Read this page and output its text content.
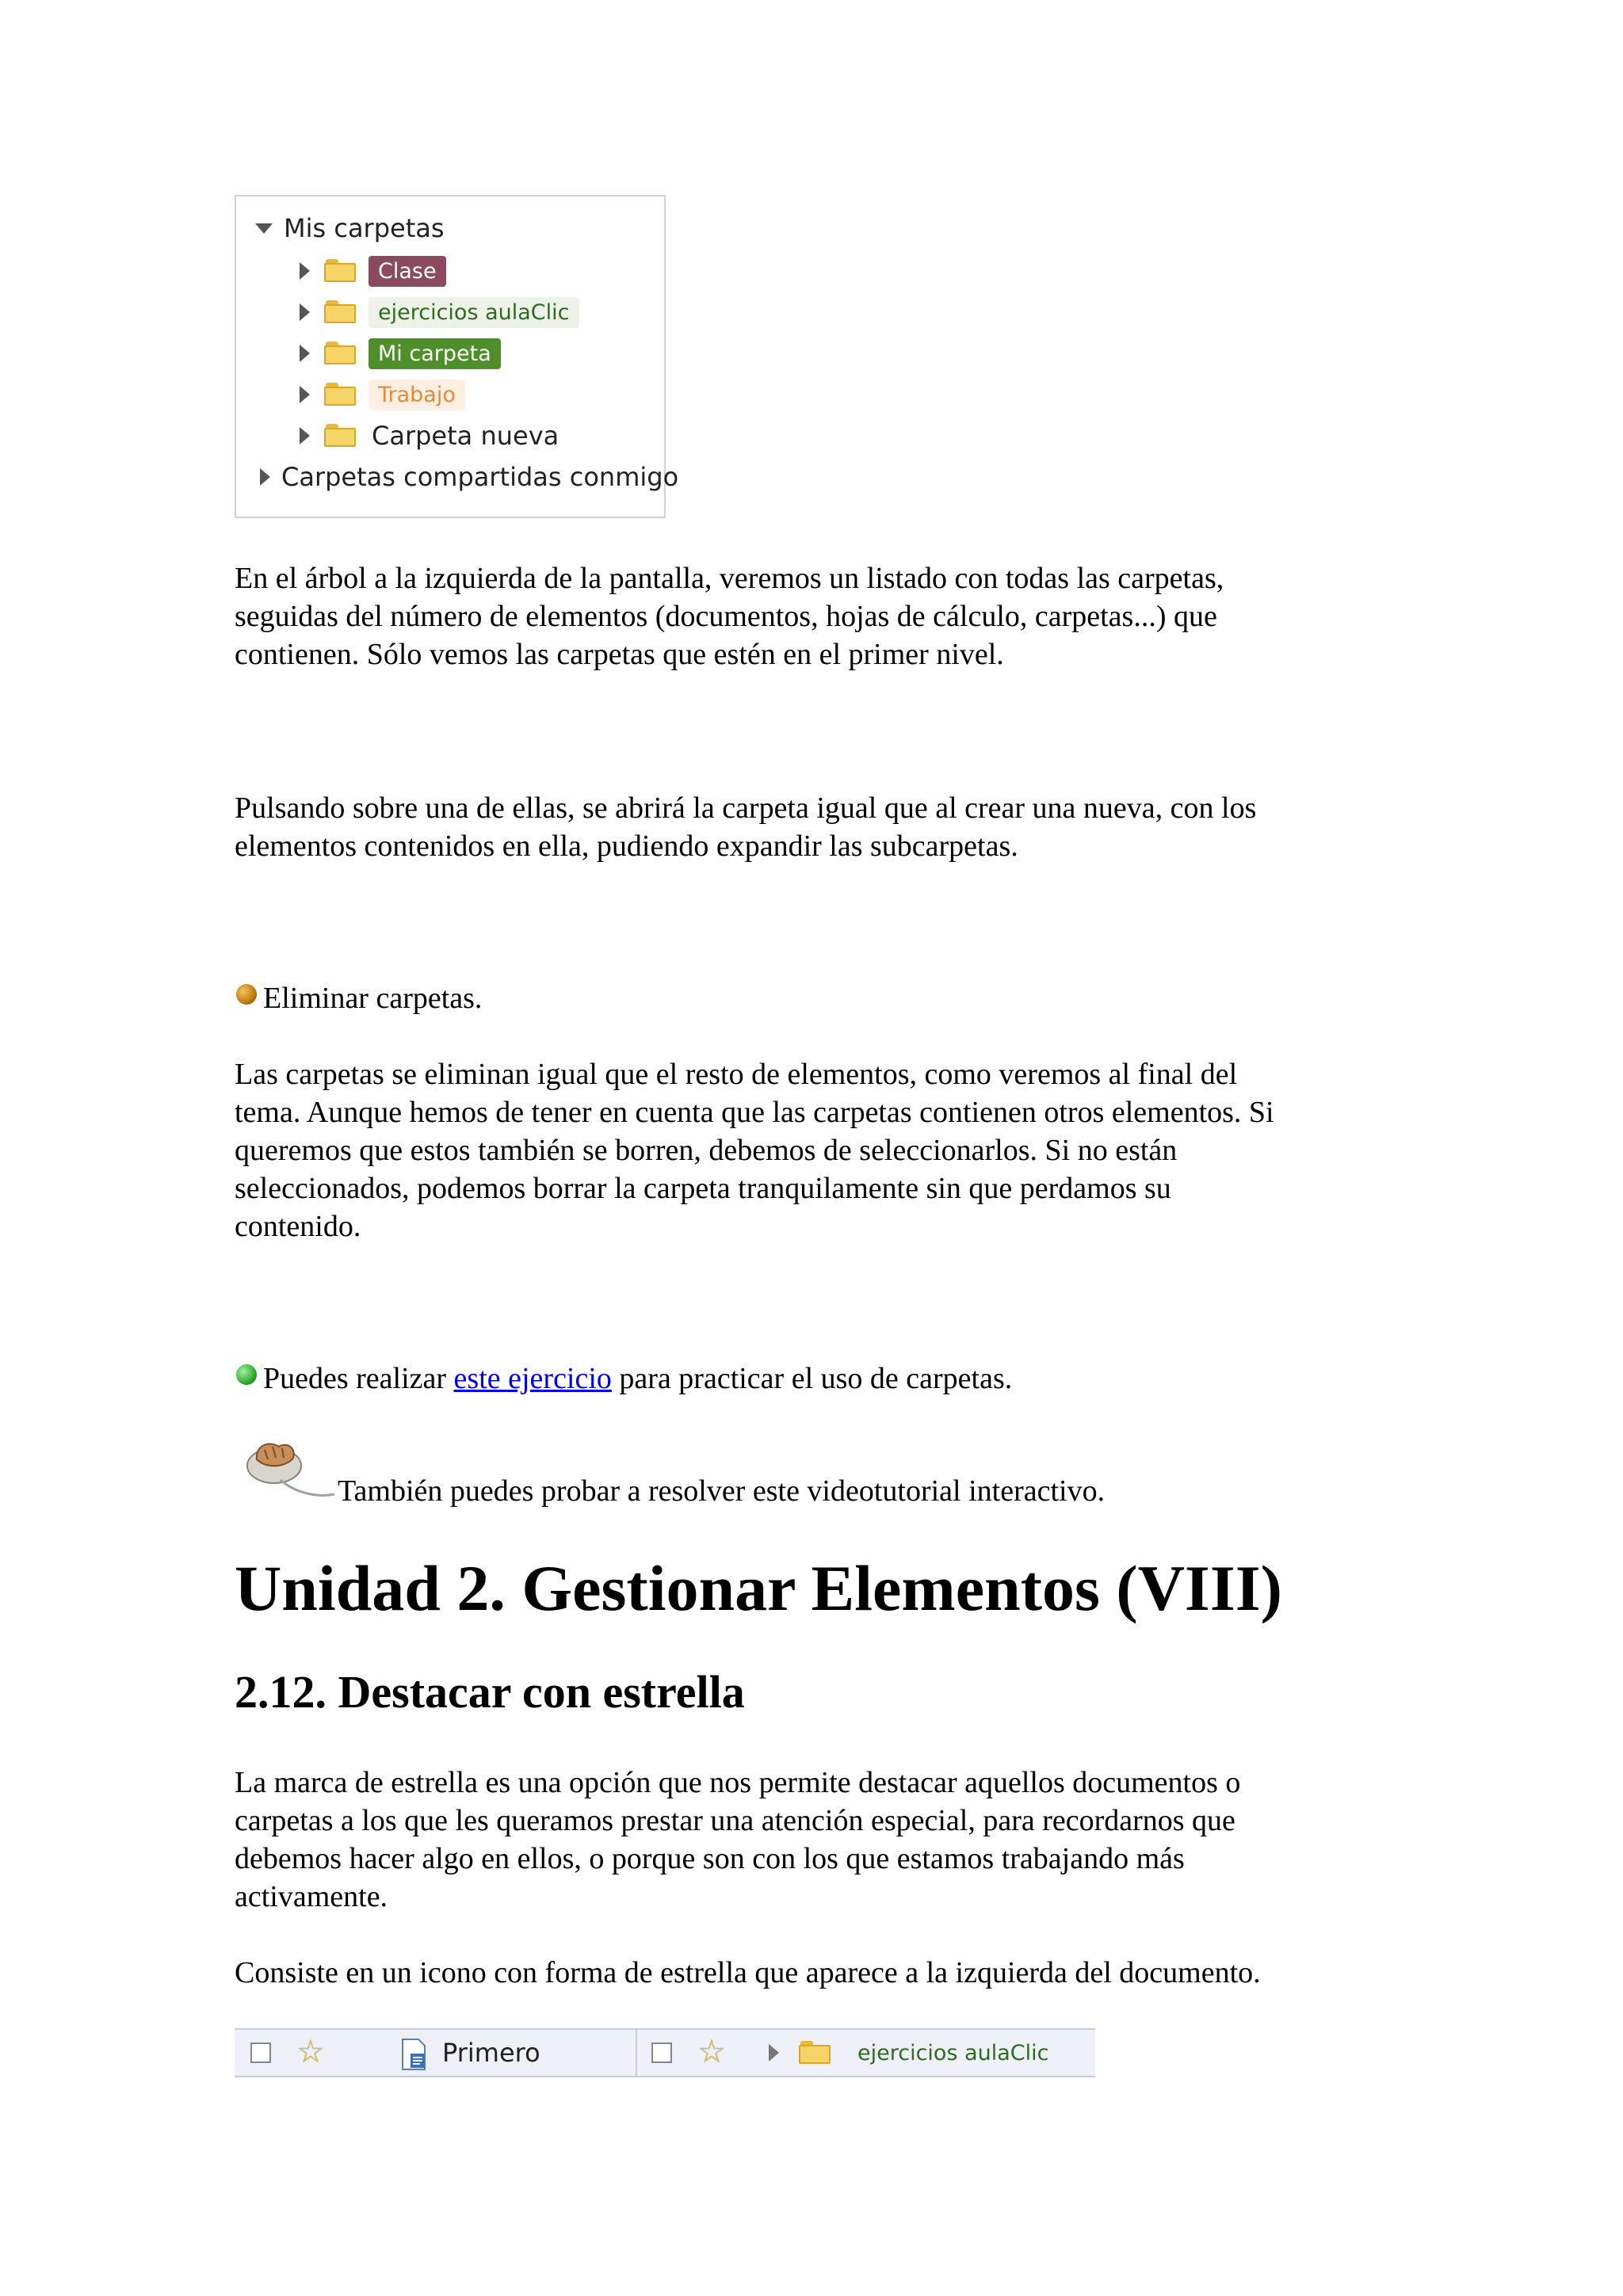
Mis carpetas
Clase
ejercicios aulaClic
Mi carpeta
Trabajo
Carpeta nueva
Carpetas compartidas conmigo
En el árbol a la izquierda de la pantalla, veremos un listado con todas las carpetas,
seguidas del número de elementos (documentos, hojas de cálculo, carpetas...) que
contienen. Sólo vemos las carpetas que estén en el primer nivel.
Pulsando sobre una de ellas, se abrirá la carpeta igual que al crear una nueva, con los
elementos contenidos en ella, pudiendo expandir las subcarpetas.
Eliminar carpetas.
Las carpetas se eliminan igual que el resto de elementos, como veremos al final del
tema. Aunque hemos de tener en cuenta que las carpetas contienen otros elementos. Si
queremos que estos también se borren, debemos de seleccionarlos. Si no están
seleccionados, podemos borrar la carpeta tranquilamente sin que perdamos su
contenido.
Puedes realizar este ejercicio para practicar el uso de carpetas.
También puedes probar a resolver este videotutorial interactivo.
Unidad 2. Gestionar Elementos (VIII)
2.12. Destacar con estrella
La marca de estrella es una opción que nos permite destacar aquellos documentos o
carpetas a los que les queramos prestar una atención especial, para recordarnos que
debemos hacer algo en ellos, o porque son con los que estamos trabajando más
activamente.
Consiste en un icono con forma de estrella que aparece a la izquierda del documento.
☆	Primero	☆	ejercicios aulaClic
